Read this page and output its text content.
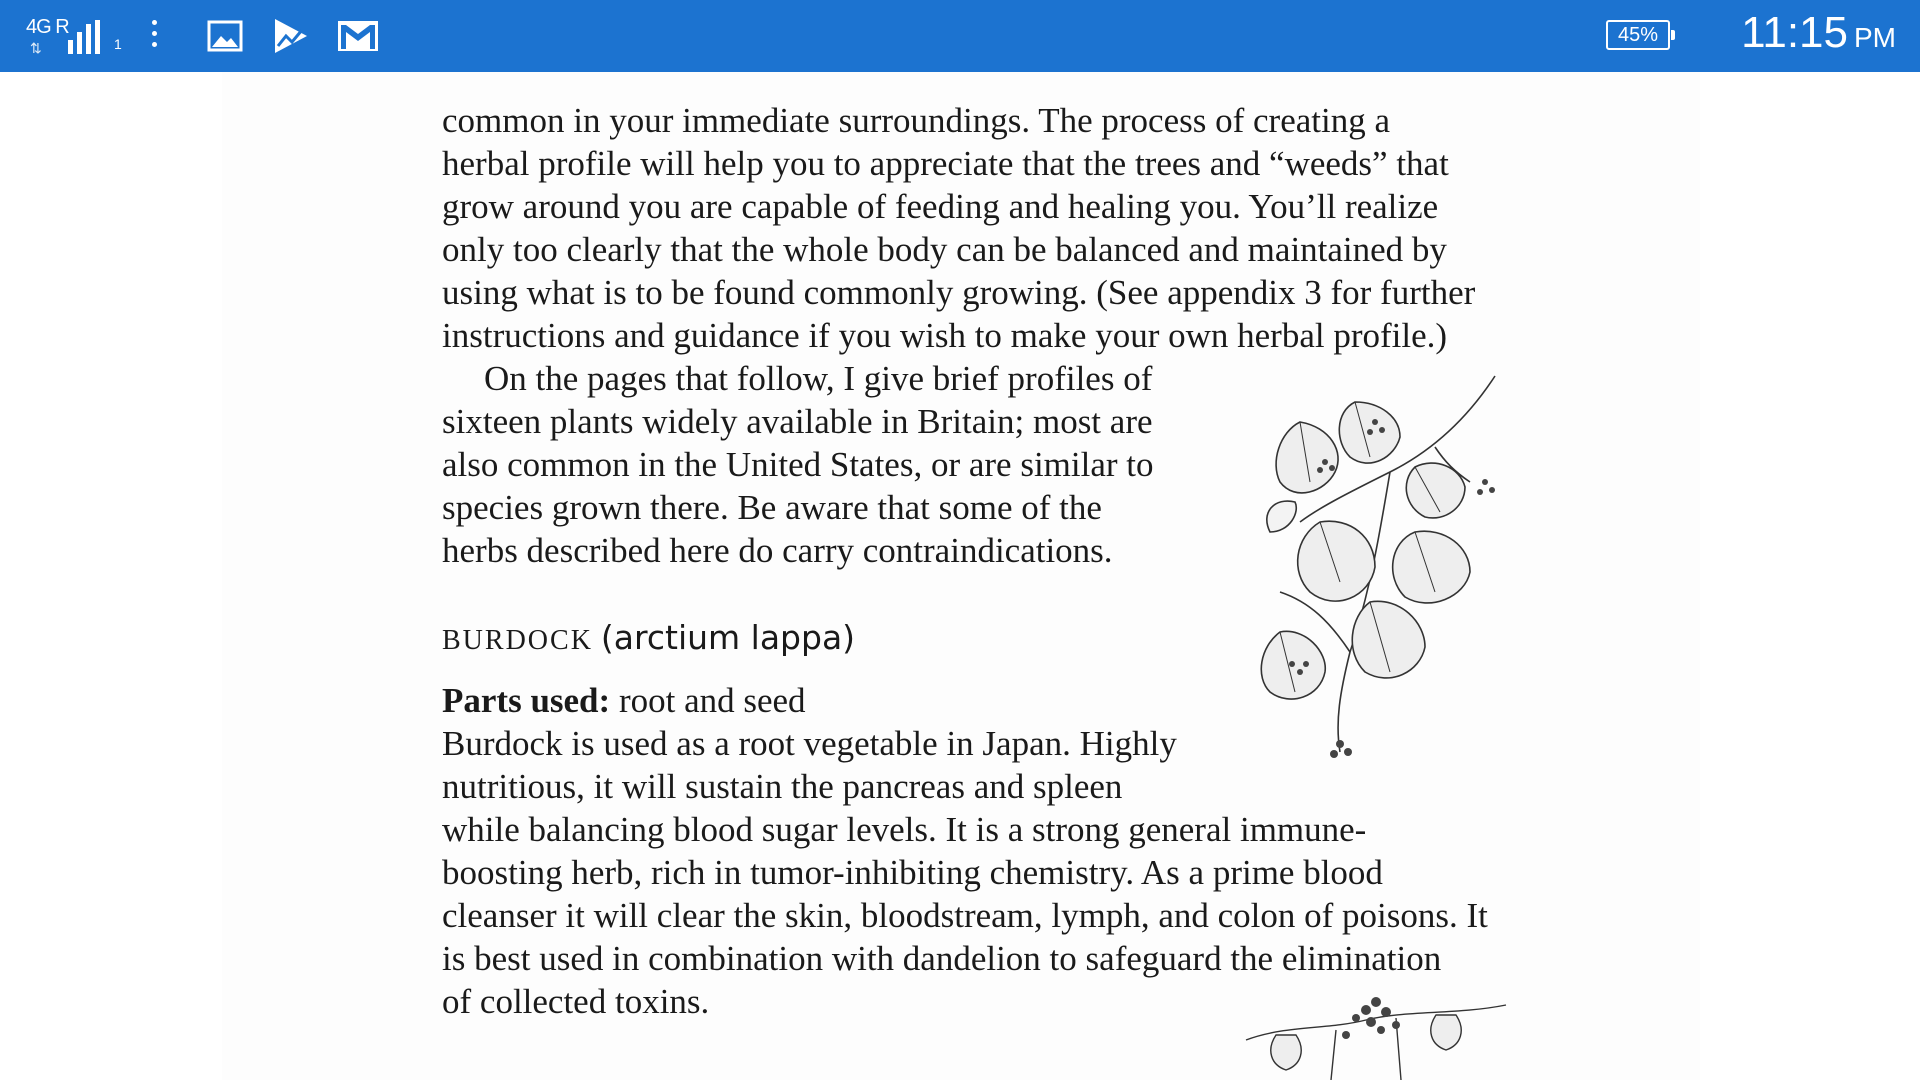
4G R
⇅	1	45% 11:15 PM
common in your immediate surroundings. The process of creating a
herbal profile will help you to appreciate that the trees and “weeds” that
grow around you are capable of feeding and healing you. You’ll realize
only too clearly that the whole body can be balanced and maintained by
using what is to be found commonly growing. (See appendix 3 for further
instructions and guidance if you wish to make your own herbal profile.)
On the pages that follow, I give brief profiles of
sixteen plants widely available in Britain; most are
also common in the United States, or are similar to
species grown there. Be aware that some of the
herbs described here do carry contraindications.
BURDOCK (arctium lappa)
Parts used: root and seed
Burdock is used as a root vegetable in Japan. Highly
nutritious, it will sustain the pancreas and spleen
while balancing blood sugar levels. It is a strong general immune-
boosting herb, rich in tumor-inhibiting chemistry. As a prime blood
cleanser it will clear the skin, bloodstream, lymph, and colon of poisons. It
is best used in combination with dandelion to safeguard the elimination
of collected toxins.
